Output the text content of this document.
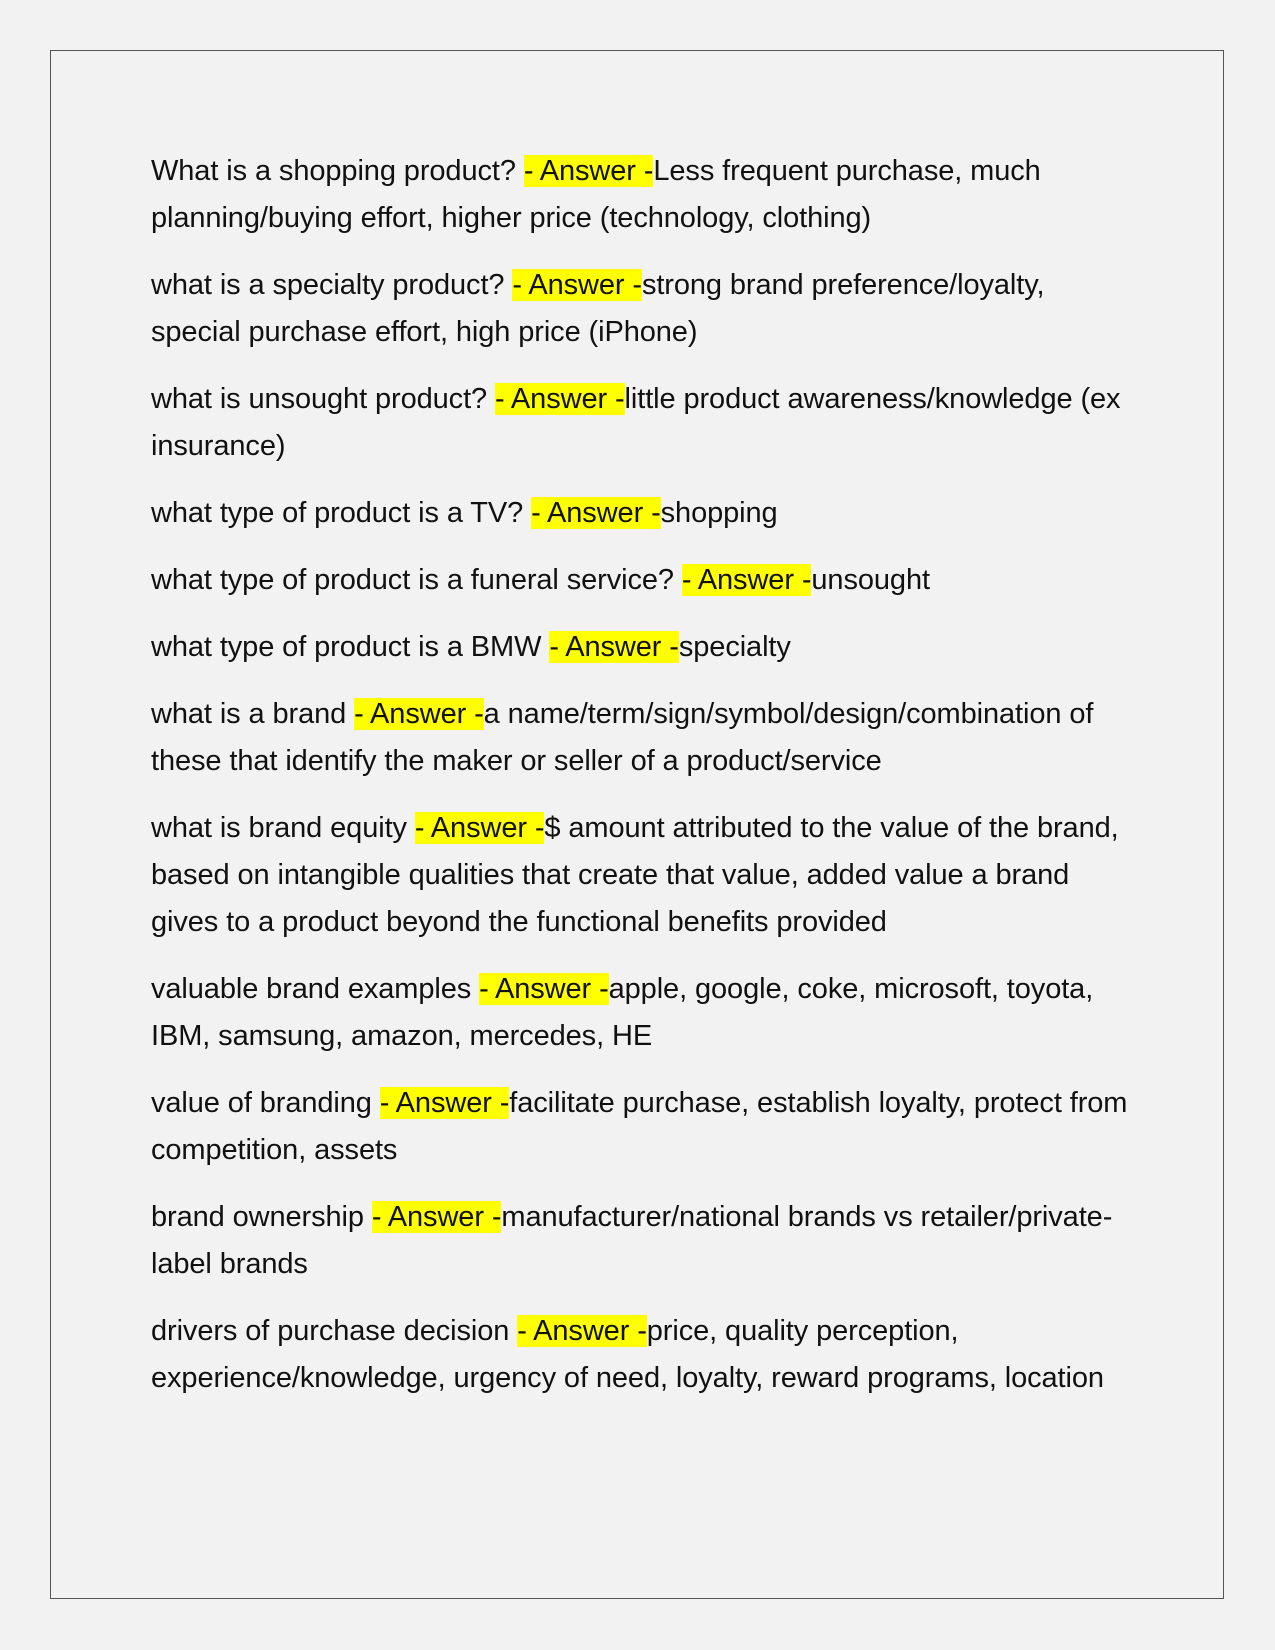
What is a shopping product? - Answer -Less frequent purchase, much planning/buying effort, higher price (technology, clothing)

what is a specialty product? - Answer -strong brand preference/loyalty, special purchase effort, high price (iPhone)

what is unsought product? - Answer -little product awareness/knowledge (ex insurance)

what type of product is a TV? - Answer -shopping

what type of product is a funeral service? - Answer -unsought

what type of product is a BMW - Answer -specialty

what is a brand - Answer -a name/term/sign/symbol/design/combination of these that identify the maker or seller of a product/service

what is brand equity - Answer -$ amount attributed to the value of the brand, based on intangible qualities that create that value, added value a brand gives to a product beyond the functional benefits provided

valuable brand examples - Answer -apple, google, coke, microsoft, toyota, IBM, samsung, amazon, mercedes, HE

value of branding - Answer -facilitate purchase, establish loyalty, protect from competition, assets

brand ownership - Answer -manufacturer/national brands vs retailer/private-label brands

drivers of purchase decision - Answer -price, quality perception, experience/knowledge, urgency of need, loyalty, reward programs, location
